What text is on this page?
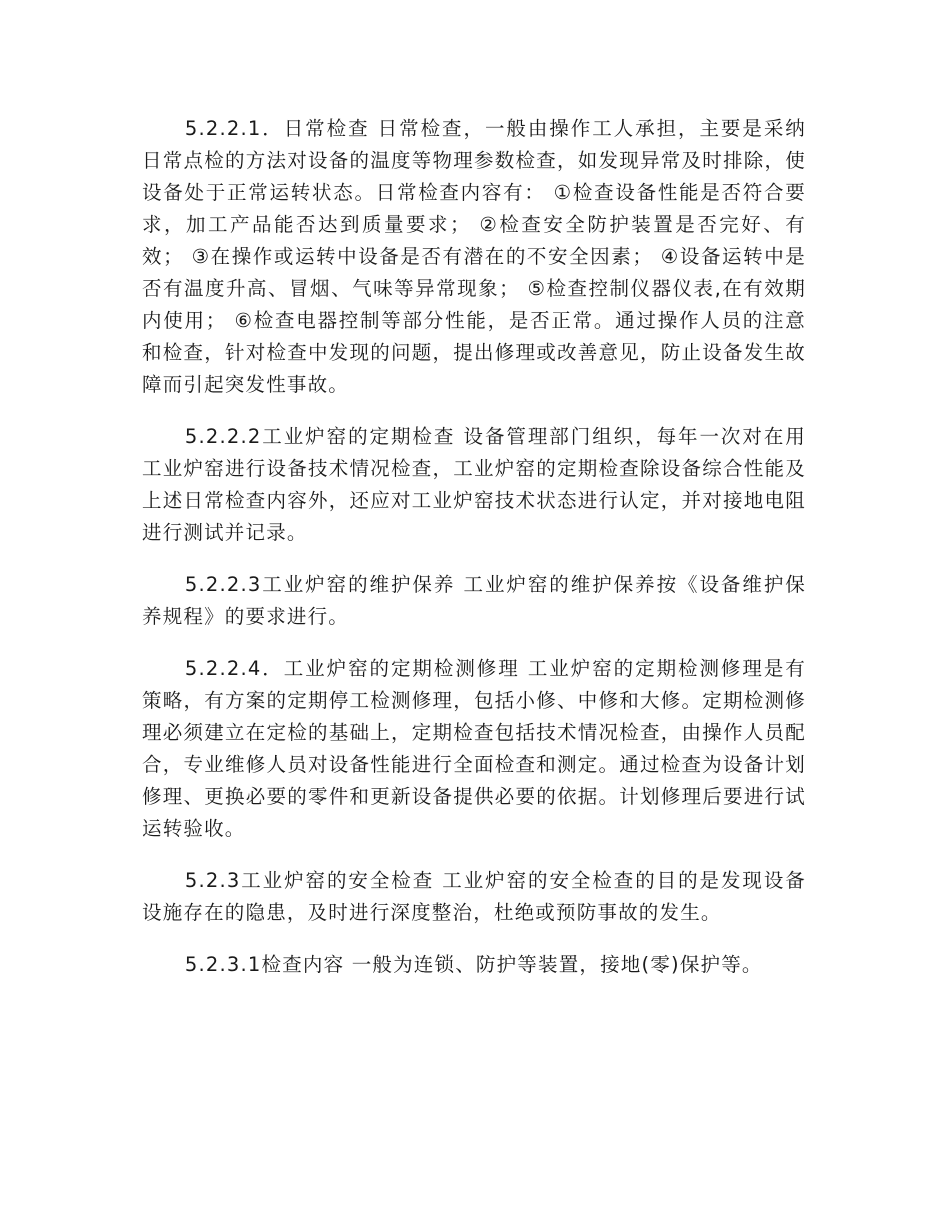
5.2.2.1．日常检查 日常检查，一般由操作工人承担，主要是采纳日常点检的方法对设备的温度等物理参数检查，如发现异常及时排除，使设备处于正常运转状态。日常检查内容有： ①检查设备性能是否符合要求，加工产品能否达到质量要求； ②检查安全防护装置是否完好、有效； ③在操作或运转中设备是否有潜在的不安全因素； ④设备运转中是否有温度升高、冒烟、气味等异常现象； ⑤检查控制仪器仪表,在有效期内使用； ⑥检查电器控制等部分性能，是否正常。通过操作人员的注意和检查，针对检查中发现的问题，提出修理或改善意见，防止设备发生故障而引起突发性事故。

5.2.2.2工业炉窑的定期检查 设备管理部门组织，每年一次对在用工业炉窑进行设备技术情况检查，工业炉窑的定期检查除设备综合性能及上述日常检查内容外，还应对工业炉窑技术状态进行认定，并对接地电阻进行测试并记录。

5.2.2.3工业炉窑的维护保养 工业炉窑的维护保养按《设备维护保养规程》的要求进行。

5.2.2.4．工业炉窑的定期检测修理 工业炉窑的定期检测修理是有策略，有方案的定期停工检测修理，包括小修、中修和大修。定期检测修理必须建立在定检的基础上，定期检查包括技术情况检查，由操作人员配合，专业维修人员对设备性能进行全面检查和测定。通过检查为设备计划修理、更换必要的零件和更新设备提供必要的依据。计划修理后要进行试运转验收。

5.2.3工业炉窑的安全检查 工业炉窑的安全检查的目的是发现设备设施存在的隐患，及时进行深度整治，杜绝或预防事故的发生。

5.2.3.1检查内容 一般为连锁、防护等装置，接地(零)保护等。
